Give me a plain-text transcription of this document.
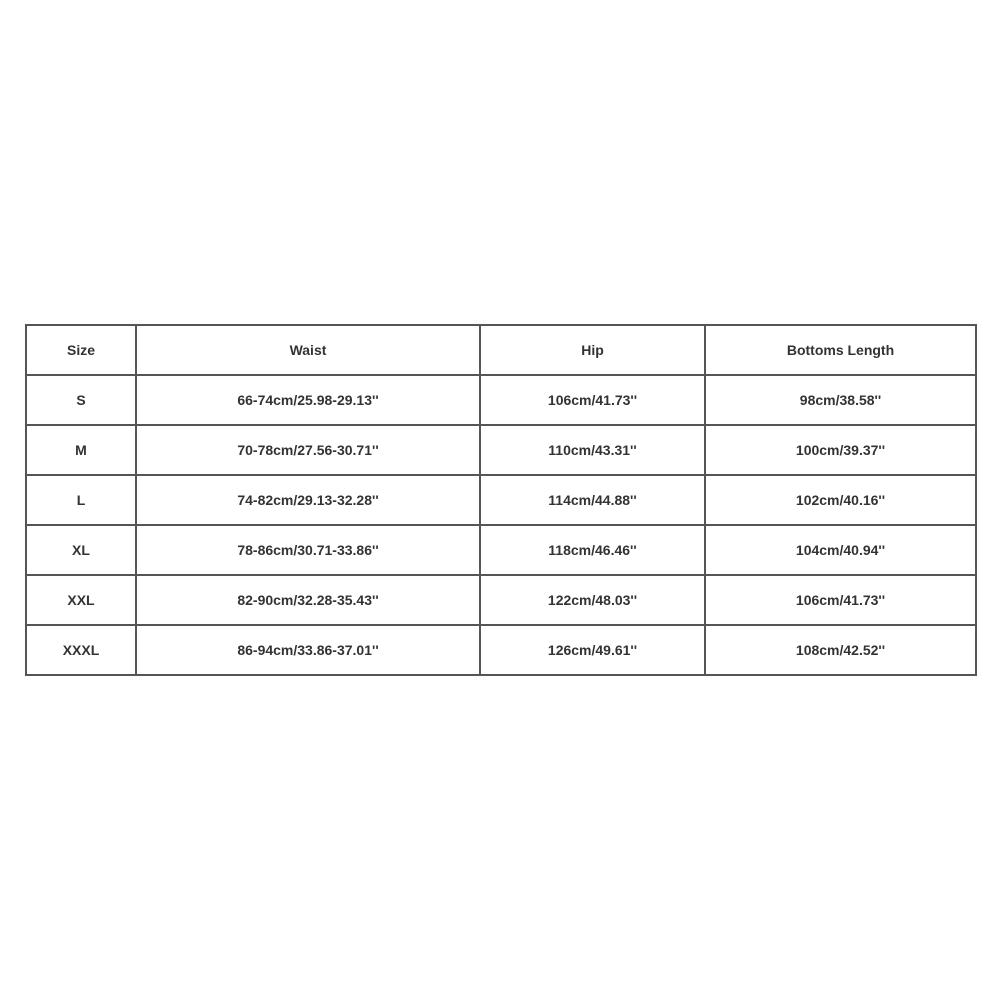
Size	Waist	Hip	Bottoms Length
S	66-74cm/25.98-29.13''	106cm/41.73''	98cm/38.58''
M	70-78cm/27.56-30.71''	110cm/43.31''	100cm/39.37''
L	74-82cm/29.13-32.28''	114cm/44.88''	102cm/40.16''
XL	78-86cm/30.71-33.86''	118cm/46.46''	104cm/40.94''
XXL	82-90cm/32.28-35.43''	122cm/48.03''	106cm/41.73''
XXXL	86-94cm/33.86-37.01''	126cm/49.61''	108cm/42.52''
